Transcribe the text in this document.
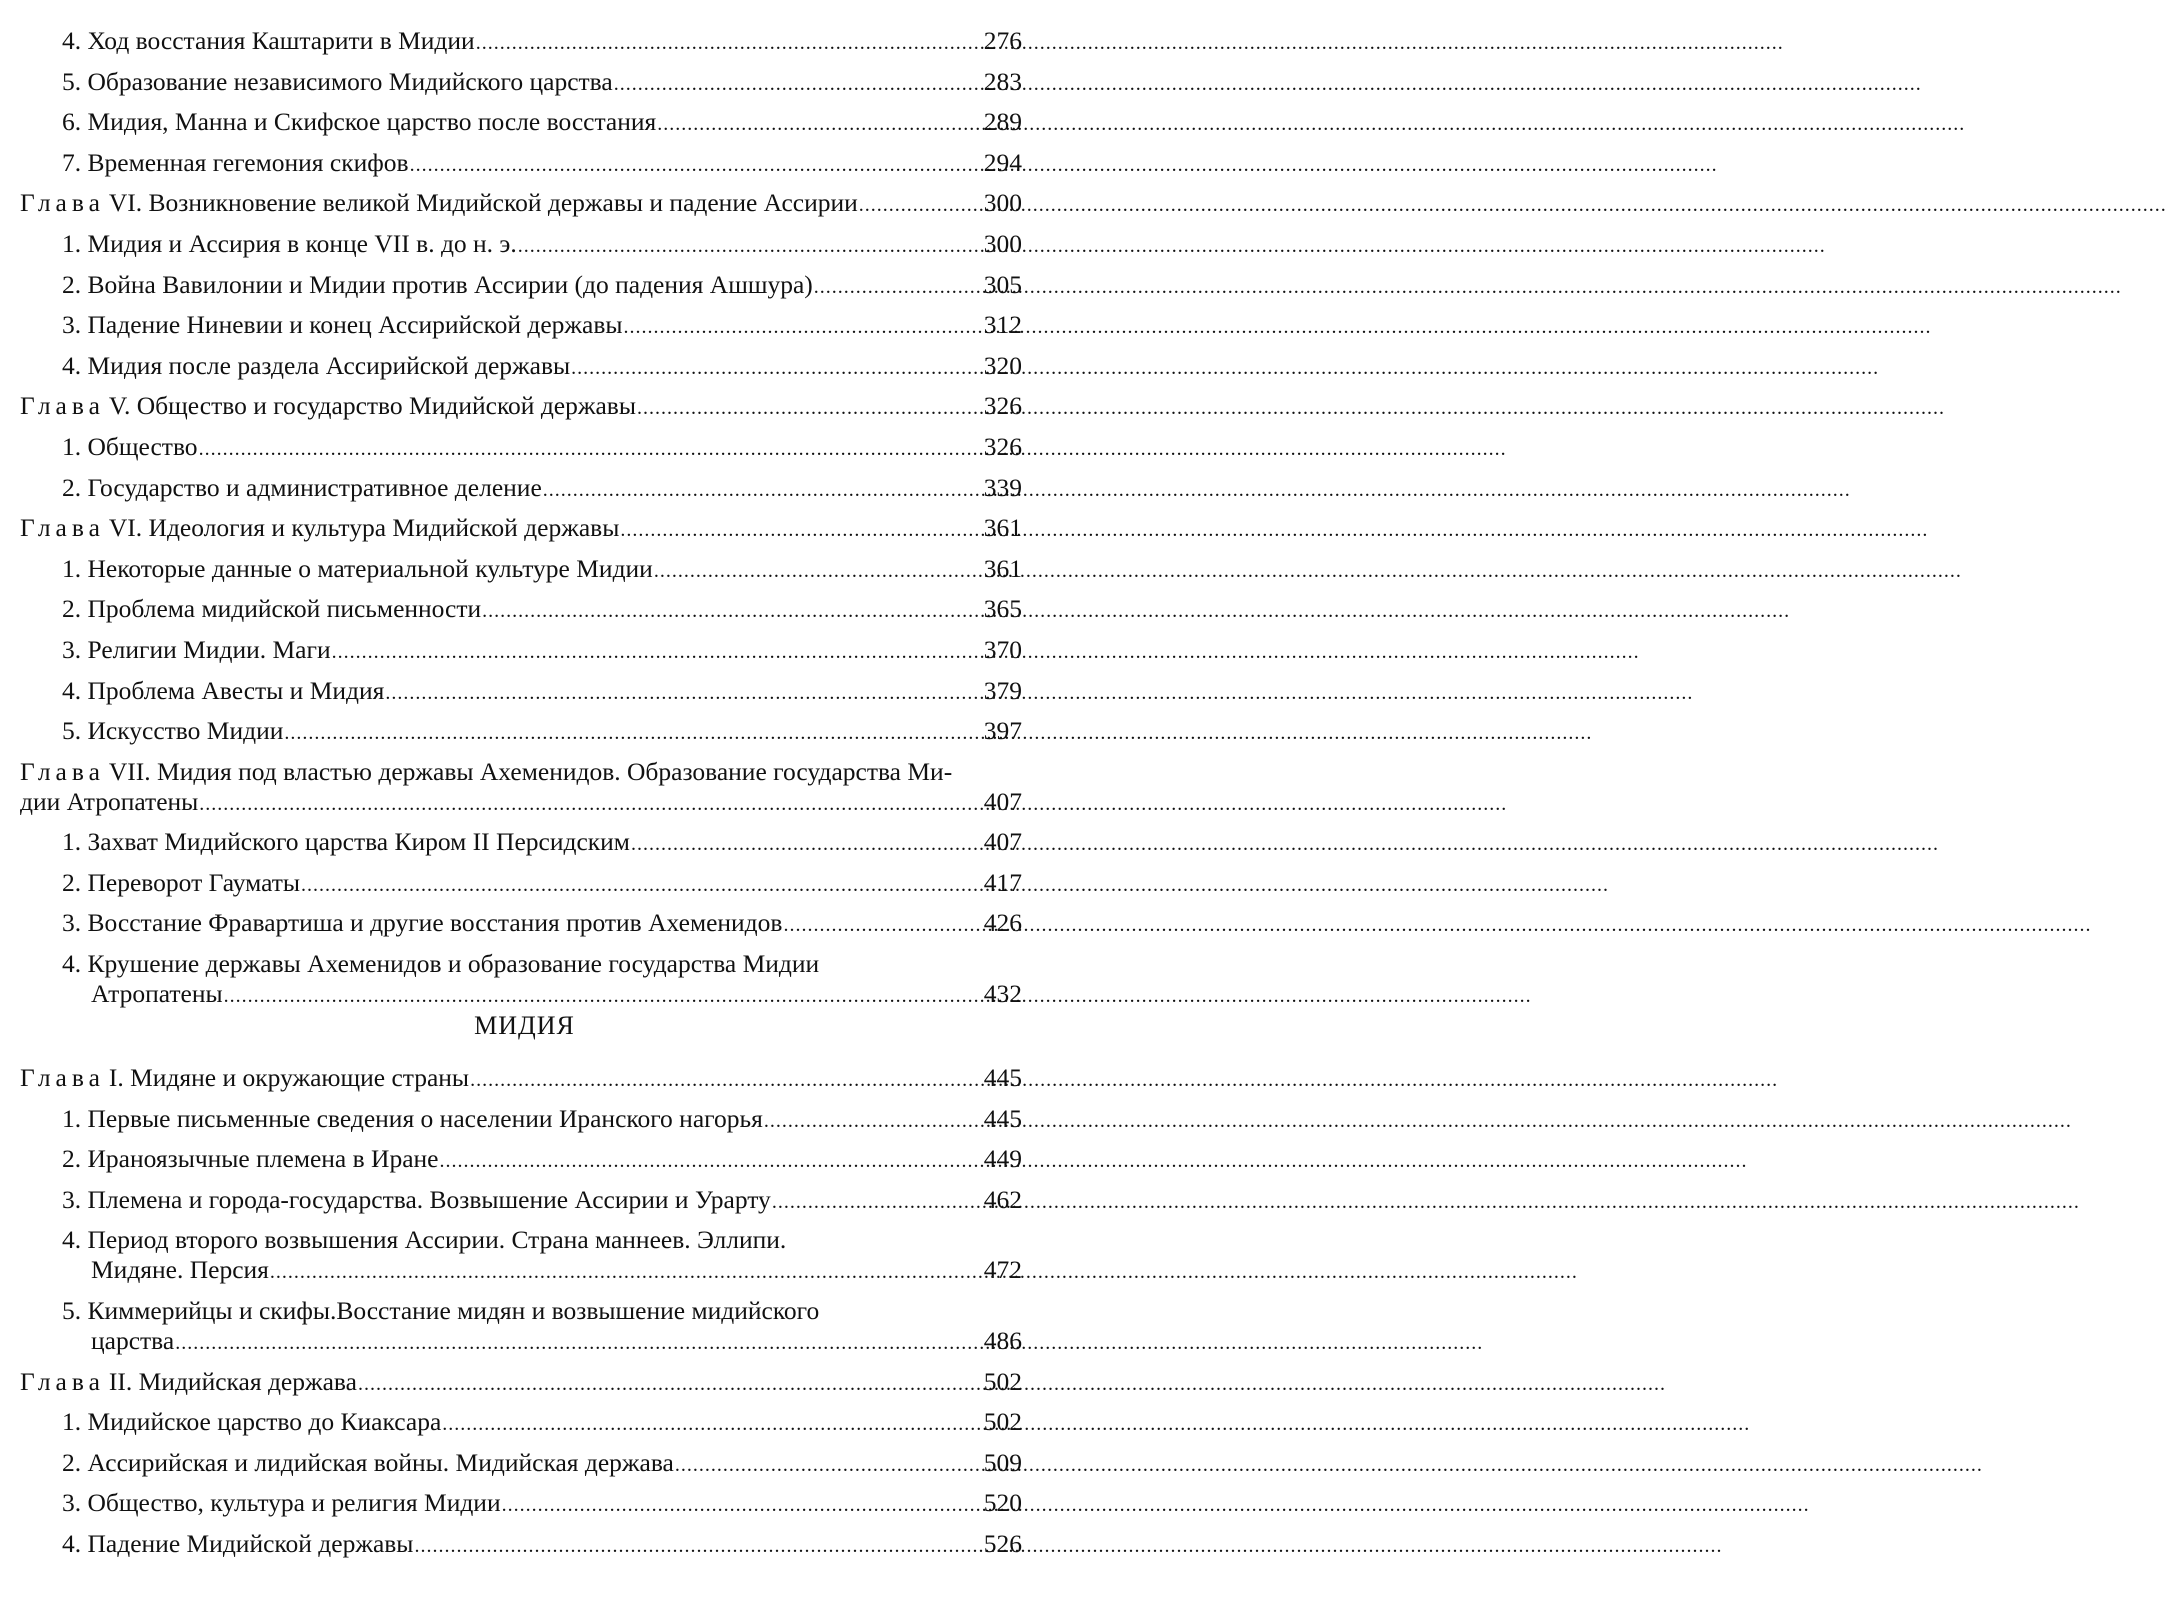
4. Ход восстания Каштарити в Мидии .....	276
5. Образование независимого Мидийского царства .....	283
6. Мидия, Манна и Скифское царство после восстания .....	289
7. Временная гегемония скифов .....	294
Глава VI. Возникновение великой Мидийской державы и падение Ассирии .....	300
1. Мидия и Ассирия в конце VII в. до н. э. .....	300
2. Война Вавилонии и Мидии против Ассирии (до падения Ашшура) .....	305
3. Падение Ниневии и конец Ассирийской державы .....	312
4. Мидия после раздела Ассирийской державы .....	320
Глава V. Общество и государство Мидийской державы .....	326
1. Общество .....	326
2. Государство и административное деление .....	339
Глава VI. Идеология и культура Мидийской державы .....	361
1. Некоторые данные о материальной культуре Мидии .....	361
2. Проблема мидийской письменности .....	365
3. Религии Мидии. Маги .....	370
4. Проблема Авесты и Мидия .....	379
5. Искусство Мидии .....	397
Глава VII. Мидия под властью державы Ахеменидов. Образование государства Ми-
дии Атропатены .....	407
1. Захват Мидийского царства Киром II Персидским .....	407
2. Переворот Гауматы .....	417
3. Восстание Фравартиша и другие восстания против Ахеменидов .....	426
4. Крушение державы Ахеменидов и образование государства Мидии
Атропатены .....	432
МИДИЯ
Глава I. Мидяне и окружающие страны .....	445
1. Первые письменные сведения о населении Иранского нагорья .....	445
2. Ираноязычные племена в Иране .....	449
3. Племена и города-государства. Возвышение Ассирии и Урарту .....	462
4. Период второго возвышения Ассирии. Страна маннеев. Эллипи.
Мидяне. Персия .....	472
5. Киммерийцы и скифы.Восстание мидян и возвышение мидийского
царства .....	486
Глава II. Мидийская держава .....	502
1. Мидийское царство до Киаксара .....	502
2. Ассирийская и лидийская войны. Мидийская держава .....	509
3. Общество, культура и религия Мидии .....	520
4. Падение Мидийской державы .....	526
